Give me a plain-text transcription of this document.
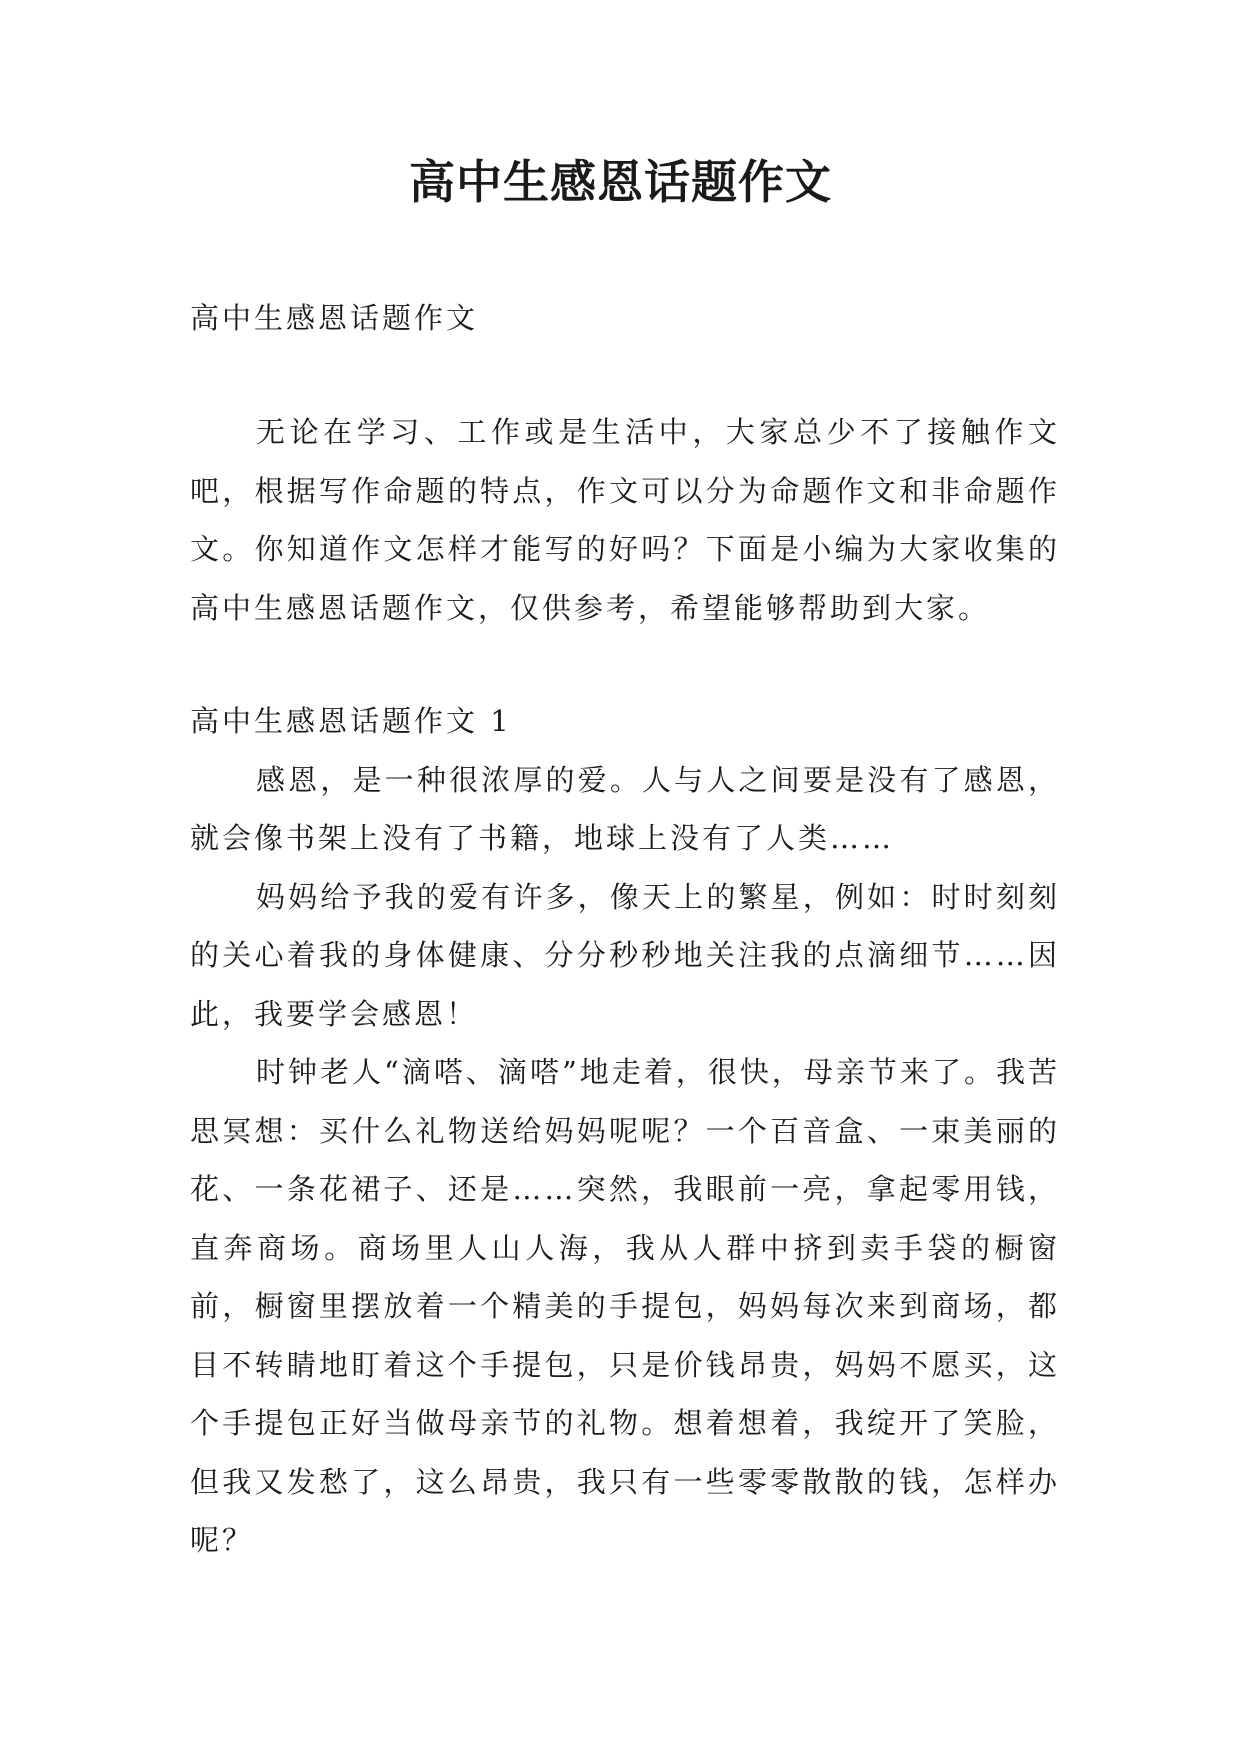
高中生感恩话题作文

高中生感恩话题作文

无论在学习、工作或是生活中，大家总少不了接触作文吧，根据写作命题的特点，作文可以分为命题作文和非命题作文。你知道作文怎样才能写的好吗？下面是小编为大家收集的高中生感恩话题作文，仅供参考，希望能够帮助到大家。

高中生感恩话题作文 1

感恩，是一种很浓厚的爱。人与人之间要是没有了感恩，就会像书架上没有了书籍，地球上没有了人类……

妈妈给予我的爱有许多，像天上的繁星，例如：时时刻刻的关心着我的身体健康、分分秒秒地关注我的点滴细节……因此，我要学会感恩！

时钟老人“滴嗒、滴嗒”地走着，很快，母亲节来了。我苦思冥想：买什么礼物送给妈妈呢呢？一个百音盒、一束美丽的花、一条花裙子、还是……突然，我眼前一亮，拿起零用钱，直奔商场。商场里人山人海，我从人群中挤到卖手袋的橱窗前，橱窗里摆放着一个精美的手提包，妈妈每次来到商场，都目不转睛地盯着这个手提包，只是价钱昂贵，妈妈不愿买，这个手提包正好当做母亲节的礼物。想着想着，我绽开了笑脸，但我又发愁了，这么昂贵，我只有一些零零散散的钱，怎样办呢？
